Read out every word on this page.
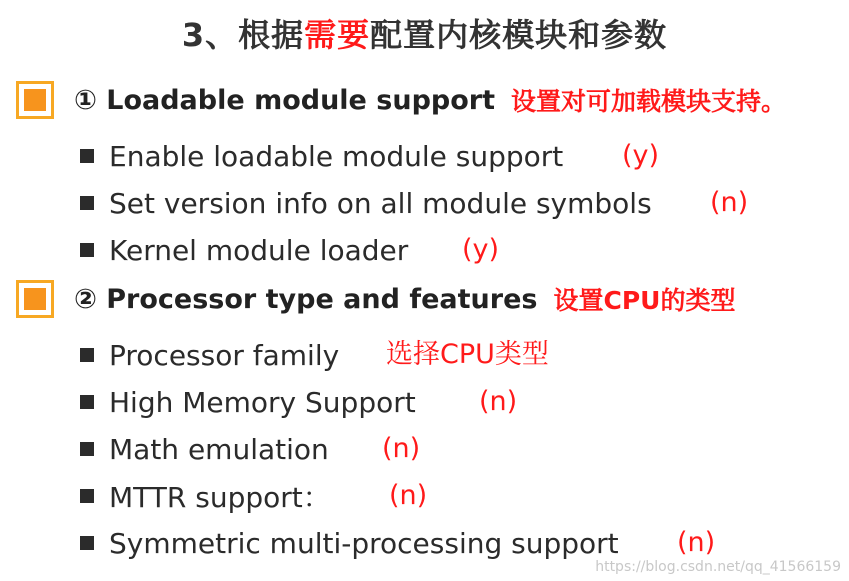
3、根据需要配置内核模块和参数
① Loadable module support 设置对可加载模块支持。
Enable loadable module support (y)
Set version info on all module symbols (n)
Kernel module loader (y)
② Processor type and features 设置CPU的类型
Processor family 选择CPU类型
High Memory Support (n)
Math emulation (n)
MTTR support： (n)
Symmetric multi-processing support (n)
https://blog.csdn.net/qq_41566159
